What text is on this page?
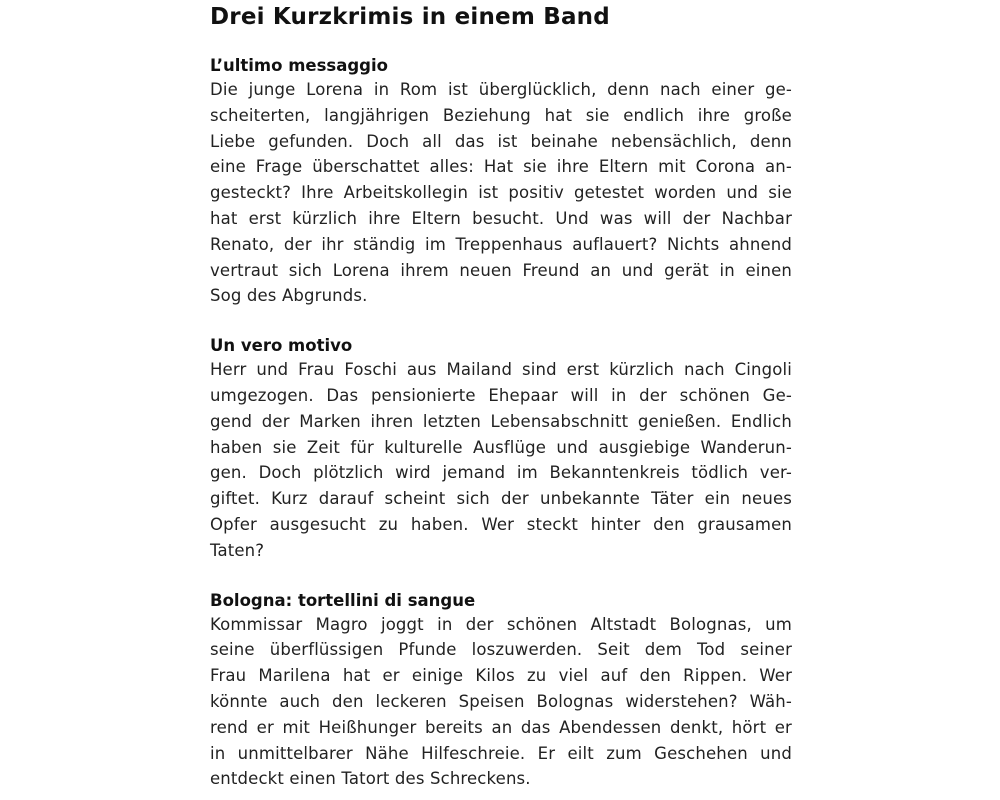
Drei Kurzkrimis in einem Band
L’ultimo messaggio
Die junge Lorena in Rom ist überglücklich, denn nach einer ge-
scheiterten, langjährigen Beziehung hat sie endlich ihre große
Liebe gefunden. Doch all das ist beinahe nebensächlich, denn
eine Frage überschattet alles: Hat sie ihre Eltern mit Corona an-
gesteckt? Ihre Arbeitskollegin ist positiv getestet worden und sie
hat erst kürzlich ihre Eltern besucht. Und was will der Nachbar
Renato, der ihr ständig im Treppenhaus auflauert? Nichts ahnend
vertraut sich Lorena ihrem neuen Freund an und gerät in einen
Sog des Abgrunds.
Un vero motivo
Herr und Frau Foschi aus Mailand sind erst kürzlich nach Cingoli
umgezogen. Das pensionierte Ehepaar will in der schönen Ge-
gend der Marken ihren letzten Lebensabschnitt genießen. Endlich
haben sie Zeit für kulturelle Ausflüge und ausgiebige Wanderun-
gen. Doch plötzlich wird jemand im Bekanntenkreis tödlich ver-
giftet. Kurz darauf scheint sich der unbekannte Täter ein neues
Opfer ausgesucht zu haben. Wer steckt hinter den grausamen
Taten?
Bologna: tortellini di sangue
Kommissar Magro joggt in der schönen Altstadt Bolognas, um
seine überflüssigen Pfunde loszuwerden. Seit dem Tod seiner
Frau Marilena hat er einige Kilos zu viel auf den Rippen. Wer
könnte auch den leckeren Speisen Bolognas widerstehen? Wäh-
rend er mit Heißhunger bereits an das Abendessen denkt, hört er
in unmittelbarer Nähe Hilfeschreie. Er eilt zum Geschehen und
entdeckt einen Tatort des Schreckens.
